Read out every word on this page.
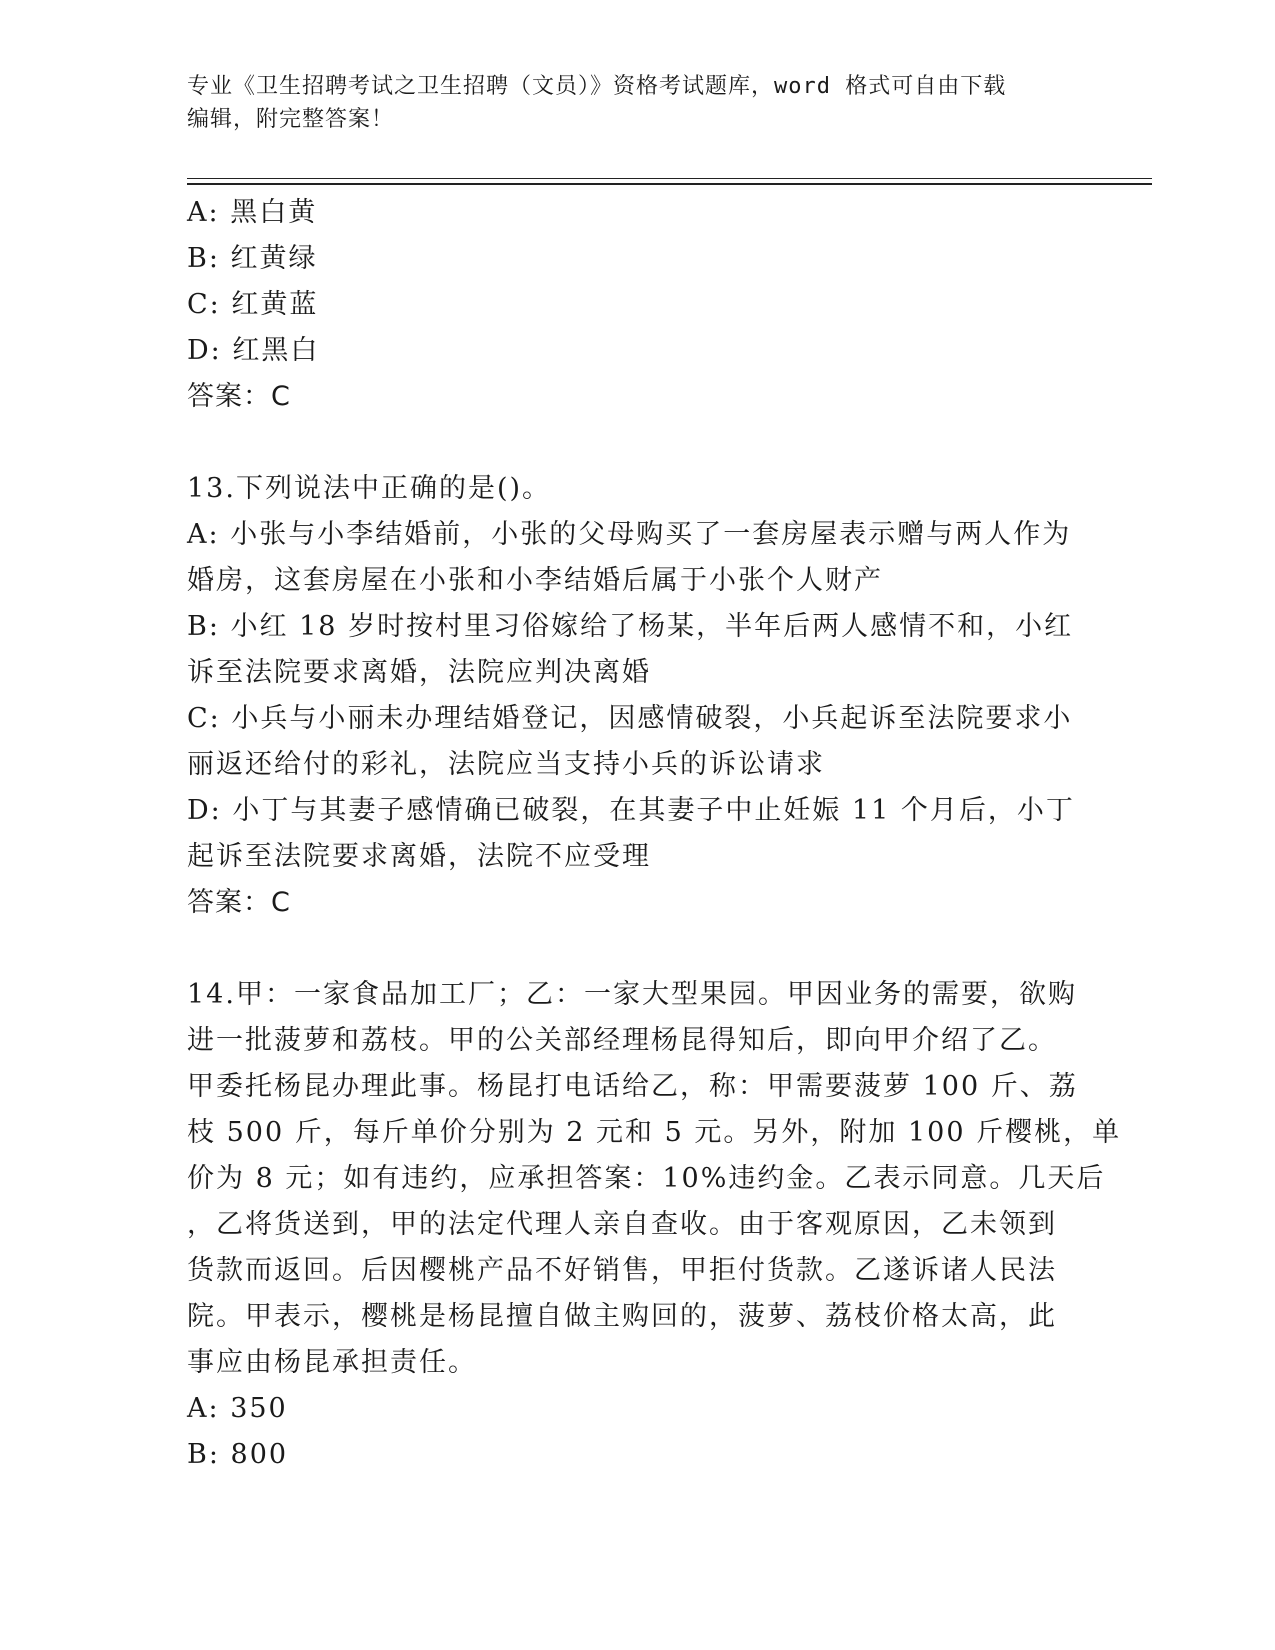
专业《卫生招聘考试之卫生招聘（文员）》资格考试题库，word 格式可自由下载
编辑，附完整答案！
A: 黑白黄
B: 红黄绿
C: 红黄蓝
D: 红黑白
答案：C
13.下列说法中正确的是()。
A: 小张与小李结婚前，小张的父母购买了一套房屋表示赠与两人作为
婚房，这套房屋在小张和小李结婚后属于小张个人财产
B: 小红 18 岁时按村里习俗嫁给了杨某，半年后两人感情不和，小红
诉至法院要求离婚，法院应判决离婚
C: 小兵与小丽未办理结婚登记，因感情破裂，小兵起诉至法院要求小
丽返还给付的彩礼，法院应当支持小兵的诉讼请求
D: 小丁与其妻子感情确已破裂，在其妻子中止妊娠 11 个月后，小丁
起诉至法院要求离婚，法院不应受理
答案：C
14.甲：一家食品加工厂；乙：一家大型果园。甲因业务的需要，欲购
进一批菠萝和荔枝。甲的公关部经理杨昆得知后，即向甲介绍了乙。
甲委托杨昆办理此事。杨昆打电话给乙，称：甲需要菠萝 100 斤、荔
枝 500 斤，每斤单价分别为 2 元和 5 元。另外，附加 100 斤樱桃，单
价为 8 元；如有违约，应承担答案：10%违约金。乙表示同意。几天后
，乙将货送到，甲的法定代理人亲自查收。由于客观原因，乙未领到
货款而返回。后因樱桃产品不好销售，甲拒付货款。乙遂诉诸人民法
院。甲表示，樱桃是杨昆擅自做主购回的，菠萝、荔枝价格太高，此
事应由杨昆承担责任。
A: 350
B: 800
